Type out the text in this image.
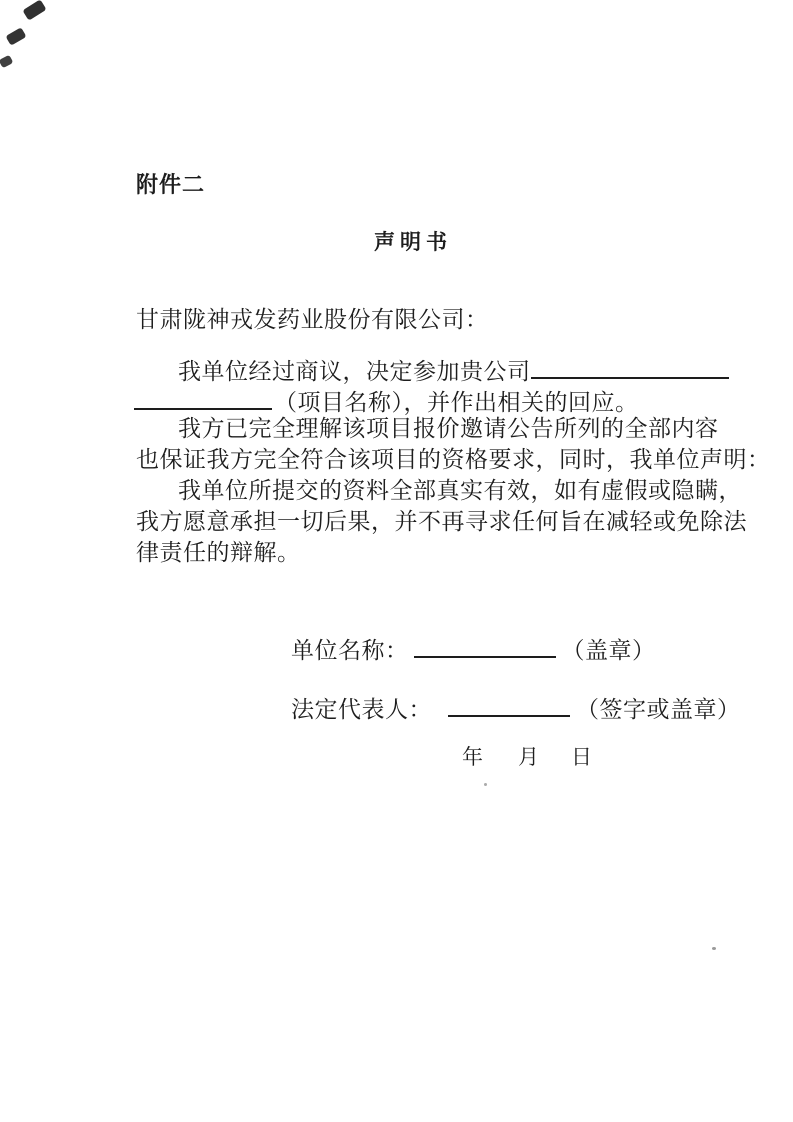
附件二
声明书
甘肃陇神戎发药业股份有限公司：
我单位经过商议，决定参加贵公司
（项目名称），并作出相关的回应。
我方已完全理解该项目报价邀请公告所列的全部内容
也保证我方完全符合该项目的资格要求，同时，我单位声明：
我单位所提交的资料全部真实有效，如有虚假或隐瞒，
我方愿意承担一切后果，并不再寻求任何旨在减轻或免除法
律责任的辩解。
单位名称：	（盖章）
法定代表人：	（签字或盖章）
年 月 日
